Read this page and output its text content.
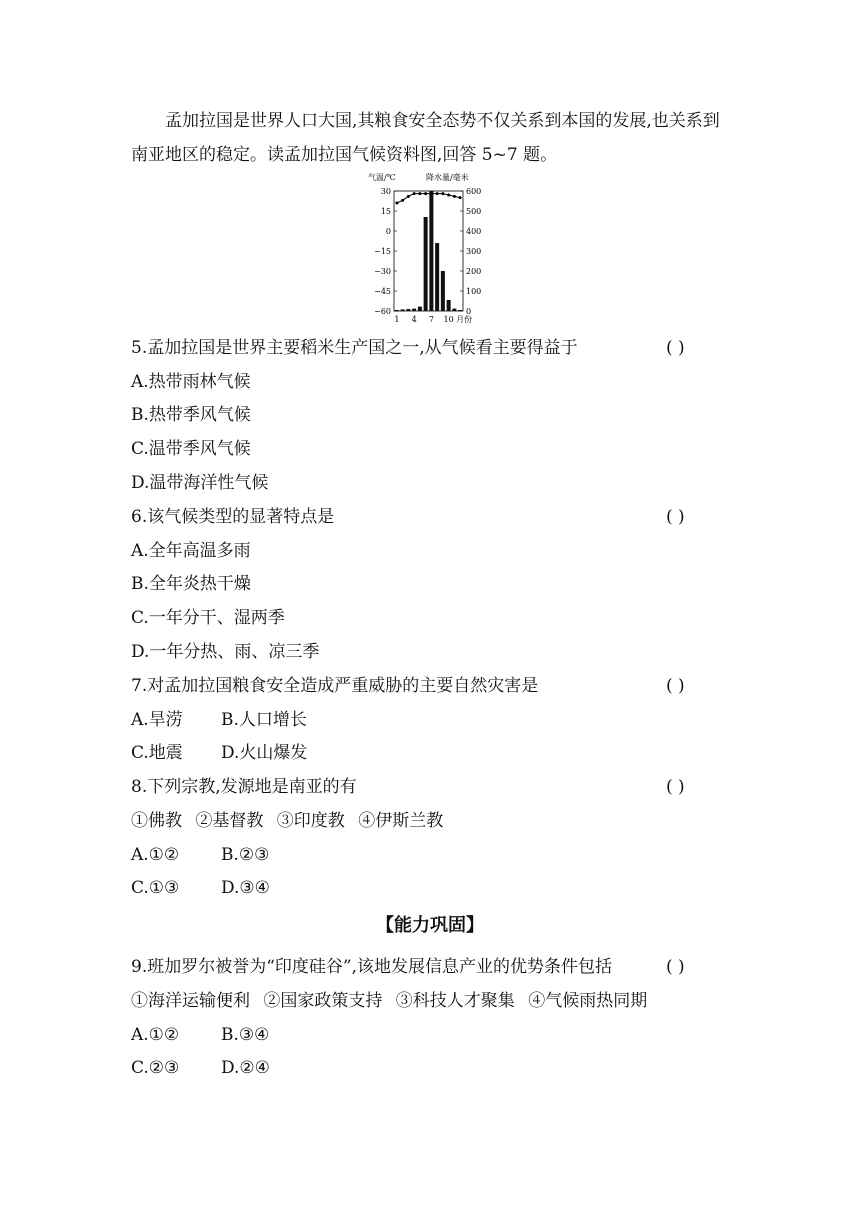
孟加拉国是世界人口大国,其粮食安全态势不仅关系到本国的发展,也关系到
南亚地区的稳定。读孟加拉国气候资料图,回答 5~7 题。
气温/℃	降水量/毫米
30
15
0
−15
−30
−45
−60
600
500
400
300
200
100
0
1 4 7 10 月份
5.孟加拉国是世界主要稻米生产国之一,从气候看主要得益于	( )
A.热带雨林气候
B.热带季风气候
C.温带季风气候
D.温带海洋性气候
6.该气候类型的显著特点是	( )
A.全年高温多雨
B.全年炎热干燥
C.一年分干、湿两季
D.一年分热、雨、凉三季
7.对孟加拉国粮食安全造成严重威胁的主要自然灾害是	( )
A.旱涝 B.人口增长
C.地震 D.火山爆发
8.下列宗教,发源地是南亚的有	( )
①佛教 ②基督教 ③印度教 ④伊斯兰教
A.①② B.②③
C.①③ D.③④
【能力巩固】
9.班加罗尔被誉为“印度硅谷”,该地发展信息产业的优势条件包括	( )
①海洋运输便利 ②国家政策支持 ③科技人才聚集 ④气候雨热同期
A.①② B.③④
C.②③ D.②④
